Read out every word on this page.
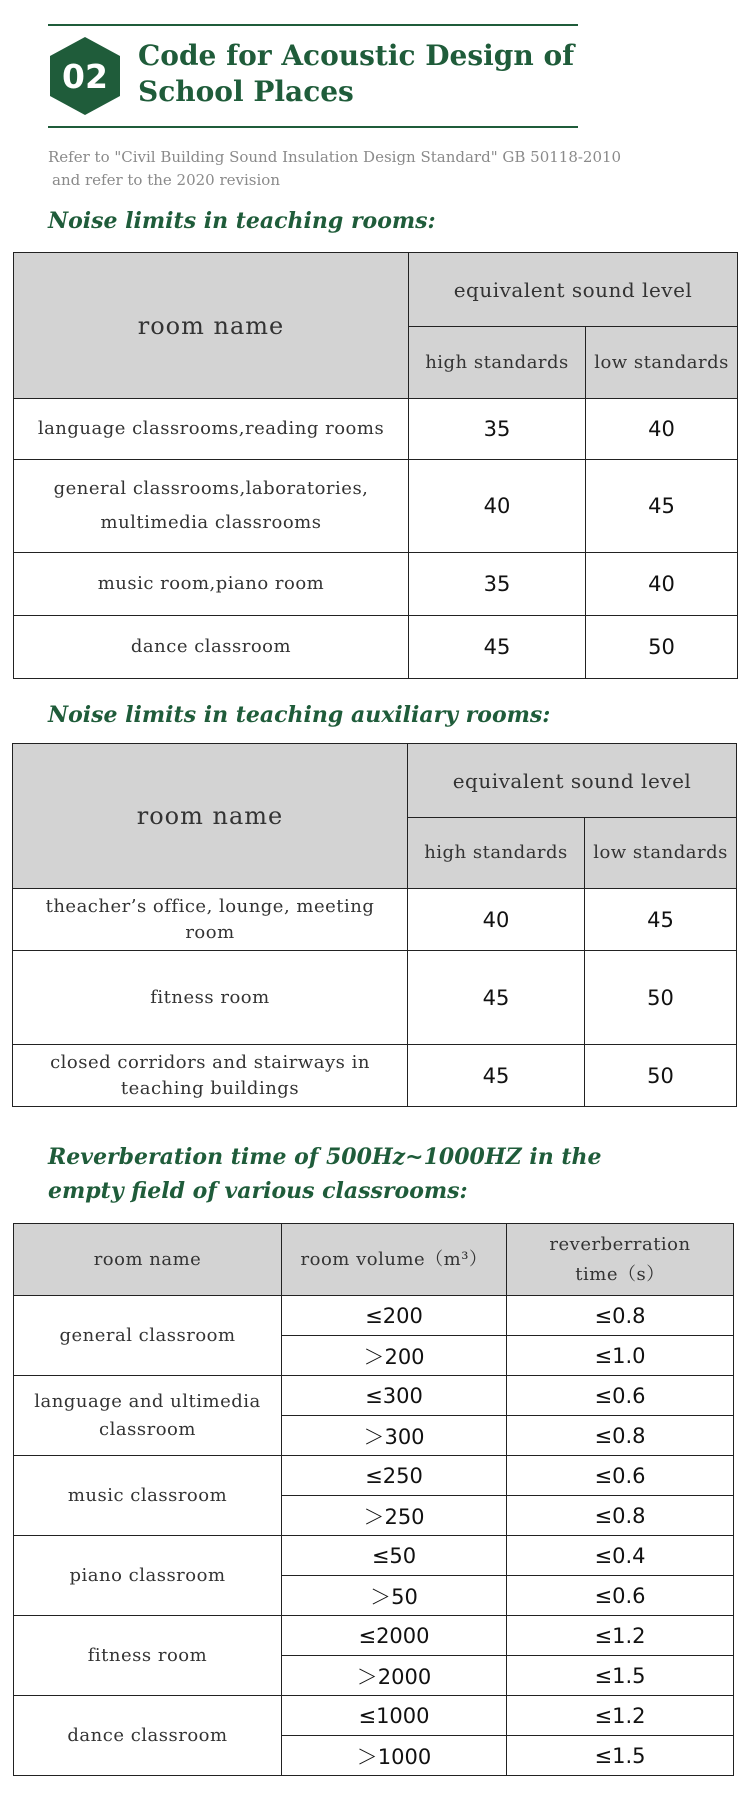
02
Code for Acoustic Design of
School Places
Refer to "Civil Building Sound Insulation Design Standard" GB 50118-2010
and refer to the 2020 revision
Noise limits in teaching rooms:
room name	equivalent sound level	
	high standards	low standards
language classrooms,reading rooms	35	40

general classrooms,laboratories,
multimedia classrooms	40	45
music room,piano room	35	40
dance classroom	45	50
Noise limits in teaching auxiliary rooms:
room name	equivalent sound level	
	high standards	low standards

theacher’s office, lounge, meeting
room	40	45
fitness room	45	50

closed corridors and stairways in
teaching buildings	45	50
Reverberation time of 500Hz~1000HZ in the
empty field of various classrooms:
room name	room volume（m³）	reverberration
time（s）

general classroom	≤200	≤0.8
	＞200	≤1.0

language and ultimedia
classroom	≤300	≤0.6
	＞300	≤0.8
music classroom	≤250	≤0.6
	＞250	≤0.8
piano classroom	≤50	≤0.4
	＞50	≤0.6
fitness room	≤2000	≤1.2
	＞2000	≤1.5
dance classroom	≤1000	≤1.2
	＞1000	≤1.5
